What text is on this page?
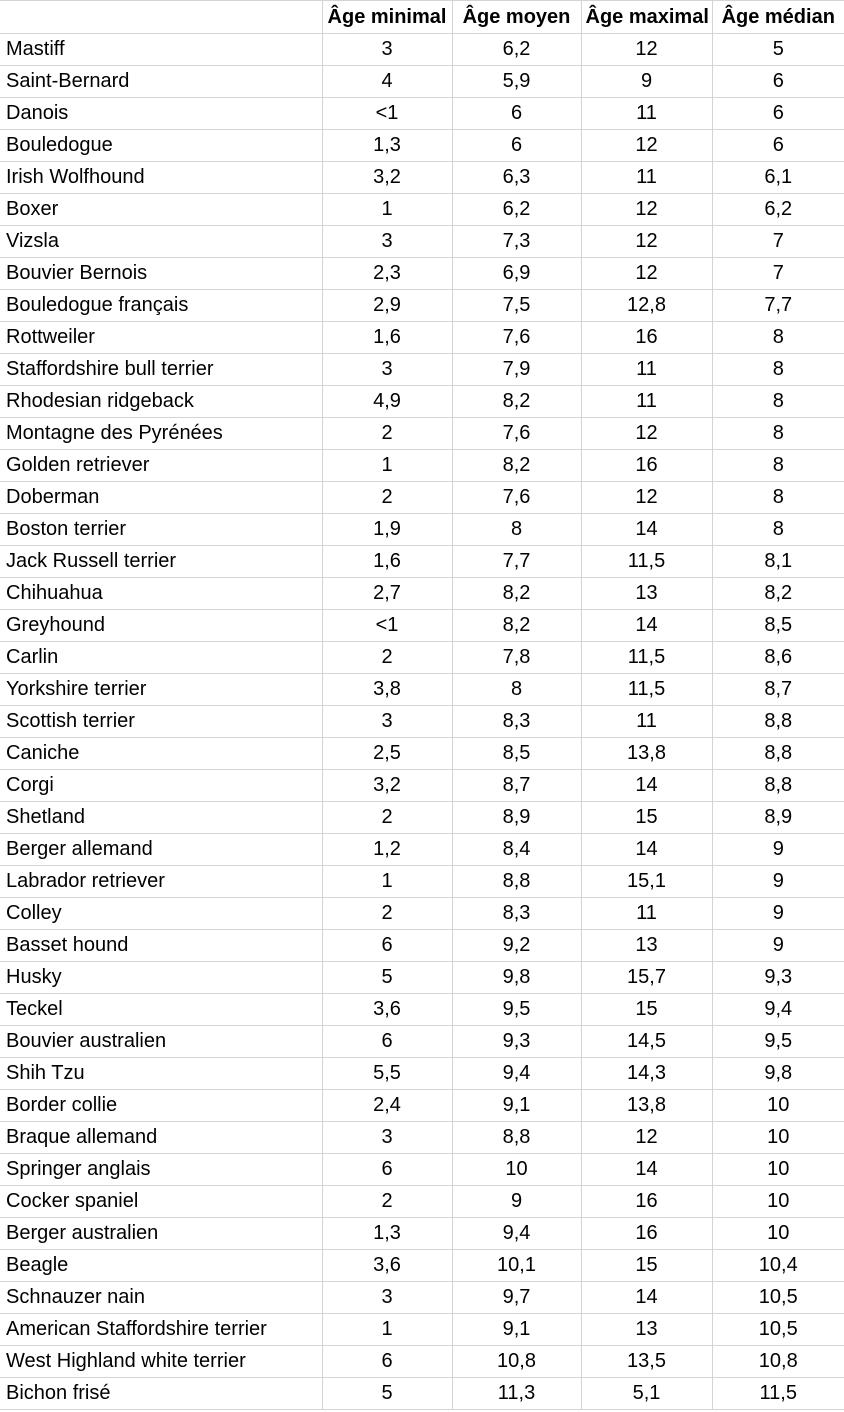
	Âge minimal	Âge moyen	Âge maximal	Âge médian
Mastiff	3	6,2	12	5
Saint-Bernard	4	5,9	9	6
Danois	<1	6	11	6
Bouledogue	1,3	6	12	6
Irish Wolfhound	3,2	6,3	11	6,1
Boxer	1	6,2	12	6,2
Vizsla	3	7,3	12	7
Bouvier Bernois	2,3	6,9	12	7
Bouledogue français	2,9	7,5	12,8	7,7
Rottweiler	1,6	7,6	16	8
Staffordshire bull terrier	3	7,9	11	8
Rhodesian ridgeback	4,9	8,2	11	8
Montagne des Pyrénées	2	7,6	12	8
Golden retriever	1	8,2	16	8
Doberman	2	7,6	12	8
Boston terrier	1,9	8	14	8
Jack Russell terrier	1,6	7,7	11,5	8,1
Chihuahua	2,7	8,2	13	8,2
Greyhound	<1	8,2	14	8,5
Carlin	2	7,8	11,5	8,6
Yorkshire terrier	3,8	8	11,5	8,7
Scottish terrier	3	8,3	11	8,8
Caniche	2,5	8,5	13,8	8,8
Corgi	3,2	8,7	14	8,8
Shetland	2	8,9	15	8,9
Berger allemand	1,2	8,4	14	9
Labrador retriever	1	8,8	15,1	9
Colley	2	8,3	11	9
Basset hound	6	9,2	13	9
Husky	5	9,8	15,7	9,3
Teckel	3,6	9,5	15	9,4
Bouvier australien	6	9,3	14,5	9,5
Shih Tzu	5,5	9,4	14,3	9,8
Border collie	2,4	9,1	13,8	10
Braque allemand	3	8,8	12	10
Springer anglais	6	10	14	10
Cocker spaniel	2	9	16	10
Berger australien	1,3	9,4	16	10
Beagle	3,6	10,1	15	10,4
Schnauzer nain	3	9,7	14	10,5
American Staffordshire terrier	1	9,1	13	10,5
West Highland white terrier	6	10,8	13,5	10,8
Bichon frisé	5	11,3	5,1	11,5
